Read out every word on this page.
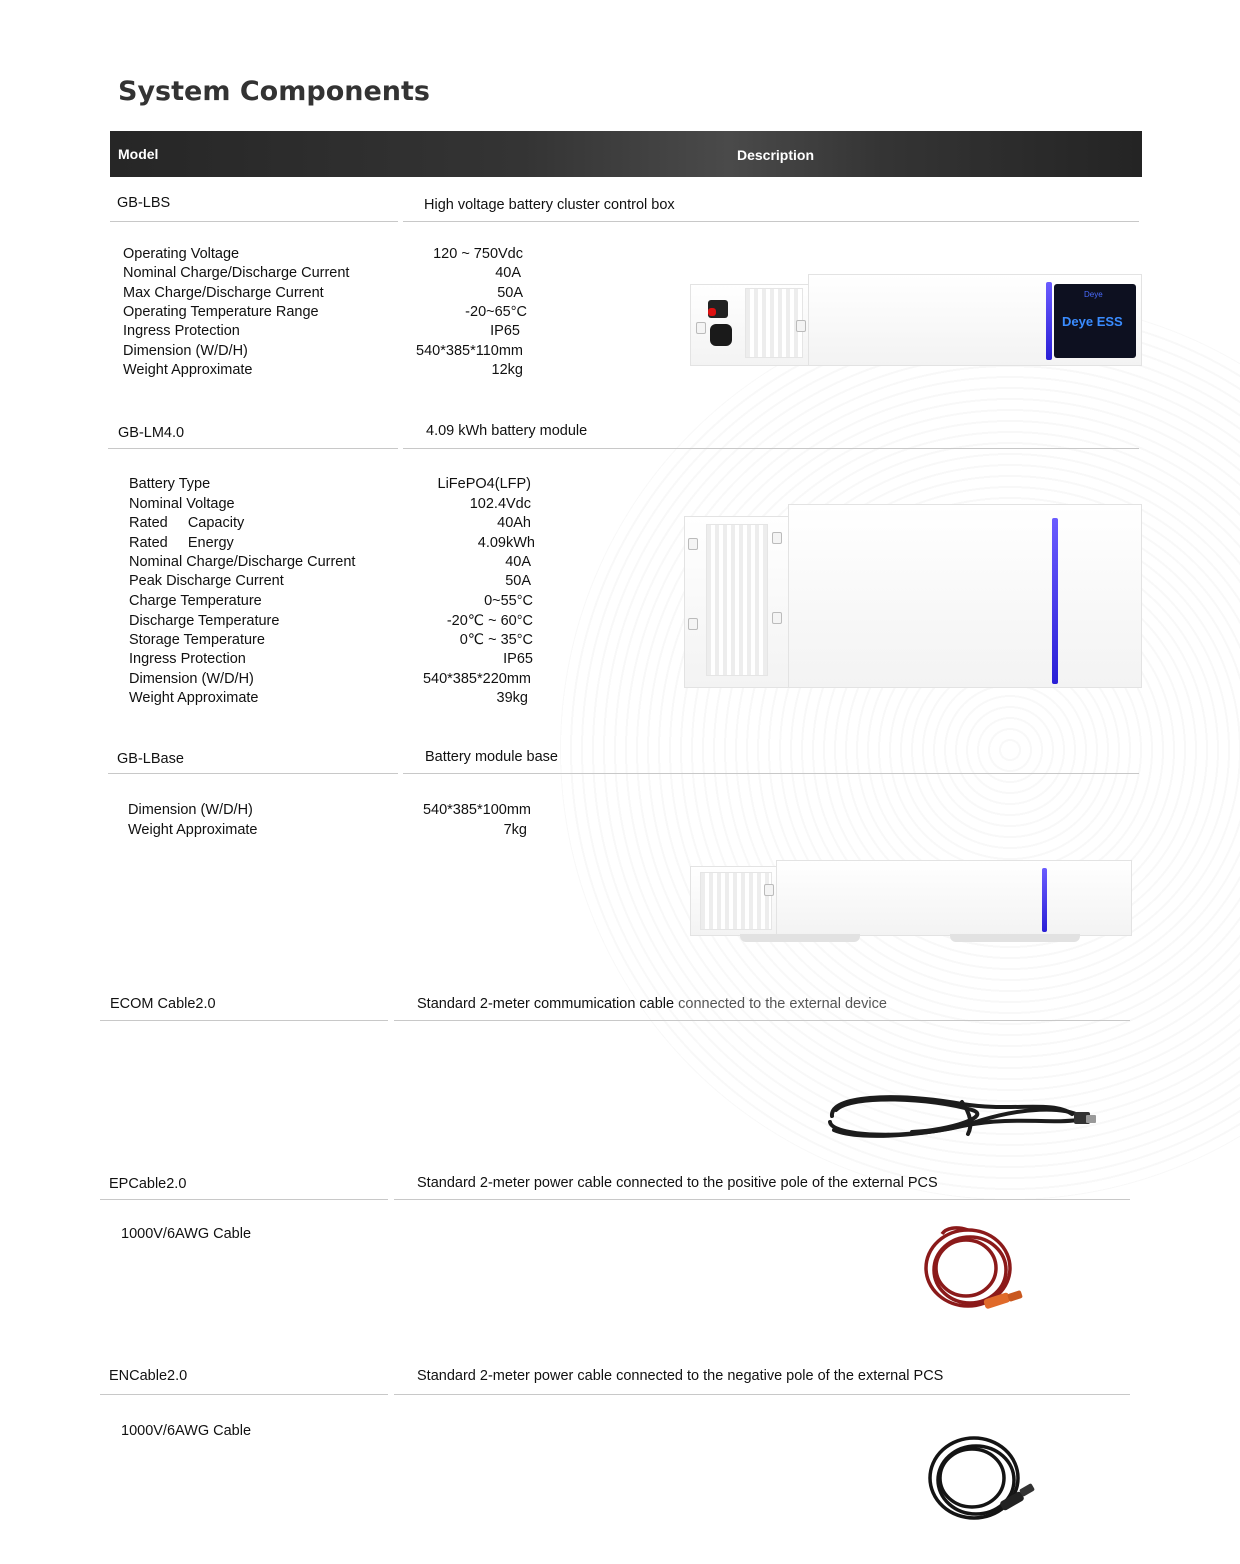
System Components
Model	Description
GB-LBS	High voltage battery cluster control box
Operating Voltage	120 ~ 750Vdc
Nominal Charge/Discharge Current	40A
Max Charge/Discharge Current	50A
Operating Temperature Range	-20~65°C
Ingress Protection	IP65
Dimension (W/D/H)	540*385*110mm
Weight Approximate	12kg
Deye
Deye ESS
GB-LM4.0	4.09 kWh battery module
Battery Type	LiFePO4(LFP)
Nominal Voltage	102.4Vdc
Rated     Capacity	40Ah
Rated     Energy	4.09kWh
Nominal Charge/Discharge Current	40A
Peak Discharge Current	50A
Charge Temperature	0~55°C
Discharge Temperature	-20℃ ~ 60°C
Storage Temperature	0℃ ~ 35°C
Ingress Protection	IP65
Dimension (W/D/H)	540*385*220mm
Weight Approximate	39kg
GB-LBase	Battery module base
Dimension (W/D/H)	540*385*100mm
Weight Approximate	7kg
ECOM Cable2.0	Standard 2-meter commumication cable connected to the external device
EPCable2.0	Standard 2-meter power cable connected to the positive pole of the external PCS
1000V/6AWG Cable
ENCable2.0	Standard 2-meter power cable connected to the negative pole of the external PCS
1000V/6AWG Cable
